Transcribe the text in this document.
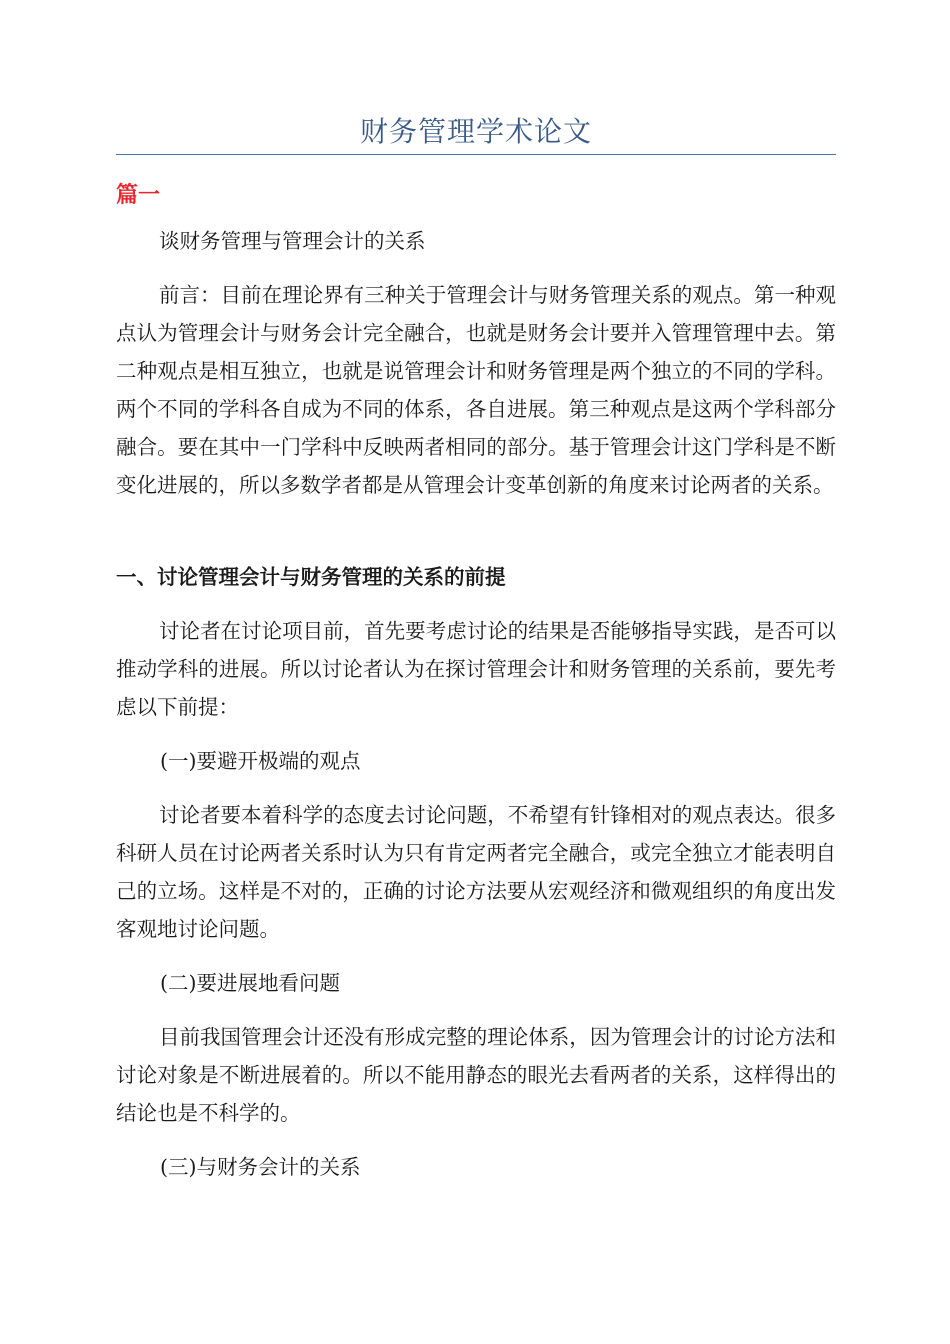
财务管理学术论文
篇一

谈财务管理与管理会计的关系

前言：目前在理论界有三种关于管理会计与财务管理关系的观点。第一种观点认为管理会计与财务会计完全融合，也就是财务会计要并入管理管理中去。第二种观点是相互独立，也就是说管理会计和财务管理是两个独立的不同的学科。两个不同的学科各自成为不同的体系，各自进展。第三种观点是这两个学科部分融合。要在其中一门学科中反映两者相同的部分。基于管理会计这门学科是不断变化进展的，所以多数学者都是从管理会计变革创新的角度来讨论两者的关系。

一、讨论管理会计与财务管理的关系的前提

讨论者在讨论项目前，首先要考虑讨论的结果是否能够指导实践，是否可以推动学科的进展。所以讨论者认为在探讨管理会计和财务管理的关系前，要先考虑以下前提：

(一)要避开极端的观点

讨论者要本着科学的态度去讨论问题，不希望有针锋相对的观点表达。很多科研人员在讨论两者关系时认为只有肯定两者完全融合，或完全独立才能表明自己的立场。这样是不对的，正确的讨论方法要从宏观经济和微观组织的角度出发客观地讨论问题。

(二)要进展地看问题

目前我国管理会计还没有形成完整的理论体系，因为管理会计的讨论方法和讨论对象是不断进展着的。所以不能用静态的眼光去看两者的关系，这样得出的结论也是不科学的。

(三)与财务会计的关系
